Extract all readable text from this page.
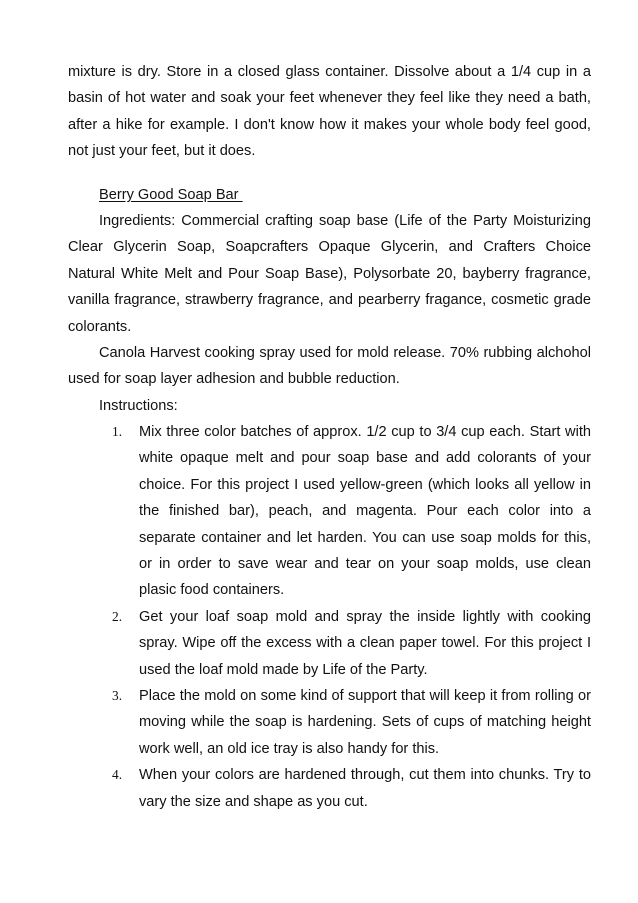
mixture is dry. Store in a closed glass container. Dissolve about a 1/4 cup in a basin of hot water and soak your feet whenever they feel like they need a bath, after a hike for example. I don't know how it makes your whole body feel good, not just your feet, but it does.

Berry Good Soap Bar

Ingredients: Commercial crafting soap base (Life of the Party Moisturizing Clear Glycerin Soap, Soapcrafters Opaque Glycerin, and Crafters Choice Natural White Melt and Pour Soap Base), Polysorbate 20, bayberry fragrance, vanilla fragrance, strawberry fragrance, and pearberry fragance, cosmetic grade colorants.

Canola Harvest cooking spray used for mold release. 70% rubbing alchohol used for soap layer adhesion and bubble reduction.

Instructions:

1.	Mix three color batches of approx. 1/2 cup to 3/4 cup each. Start with white opaque melt and pour soap base and add colorants of your choice. For this project I used yellow-green (which looks all yellow in the finished bar), peach, and magenta. Pour each color into a separate container and let harden. You can use soap molds for this, or in order to save wear and tear on your soap molds, use clean plasic food containers.

2.	Get your loaf soap mold and spray the inside lightly with cooking spray. Wipe off the excess with a clean paper towel. For this project I used the loaf mold made by Life of the Party.

3.	Place the mold on some kind of support that will keep it from rolling or moving while the soap is hardening. Sets of cups of matching height work well, an old ice tray is also handy for this.

4.	When your colors are hardened through, cut them into chunks. Try to vary the size and shape as you cut.
